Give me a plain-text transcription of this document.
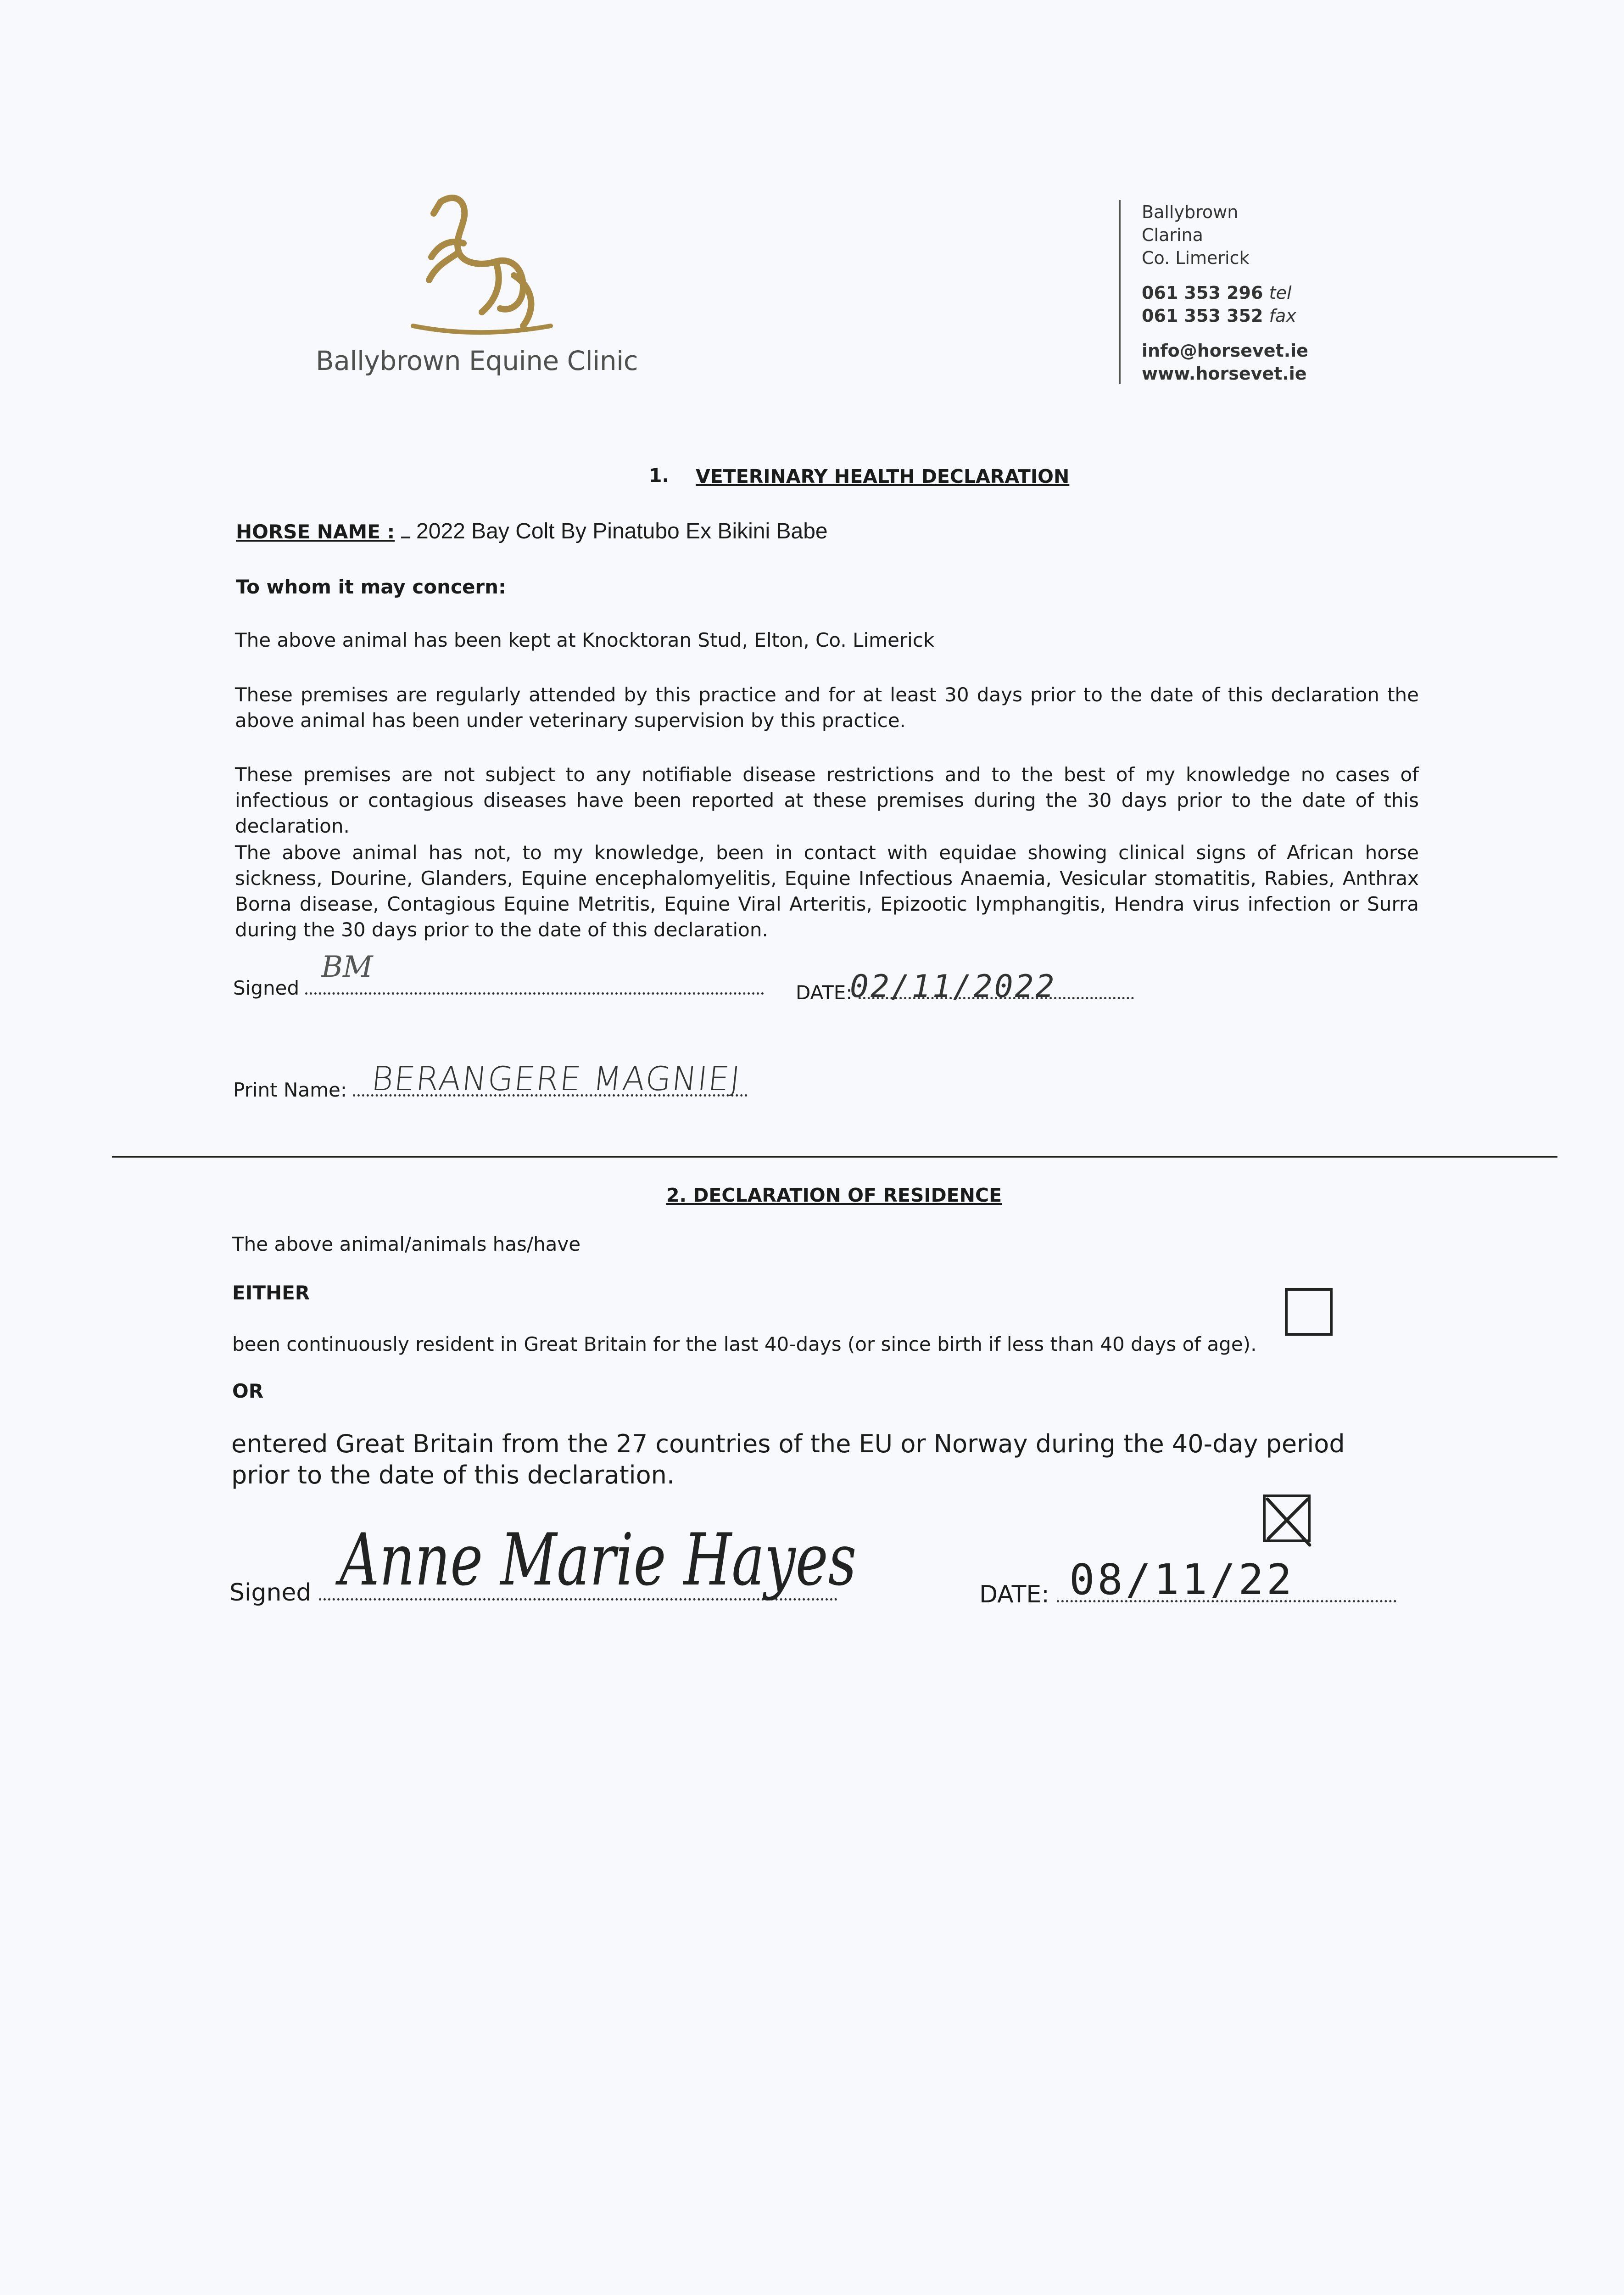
Ballybrown Equine Clinic
Ballybrown
Clarina
Co. Limerick
061 353 296 tel
061 353 352 fax
info@horsevet.ie
www.horsevet.ie
1. VETERINARY HEALTH DECLARATION
HORSE NAME : 2022 Bay Colt By Pinatubo Ex Bikini Babe
To whom it may concern:
The above animal has been kept at Knocktoran Stud, Elton, Co. Limerick
These premises are regularly attended by this practice and for at least 30 days prior to the date of this declaration the above animal has been under veterinary supervision by this practice.
These premises are not subject to any notifiable disease restrictions and to the best of my knowledge no cases of infectious or contagious diseases have been reported at these premises during the 30 days prior to the date of this declaration.
The above animal has not, to my knowledge, been in contact with equidae showing clinical signs of African horse sickness, Dourine, Glanders, Equine encephalomyelitis, Equine Infectious Anaemia, Vesicular stomatitis, Rabies, Anthrax Borna disease, Contagious Equine Metritis, Equine Viral Arteritis, Epizootic lymphangitis, Hendra virus infection or Surra during the 30 days prior to the date of this declaration.
Signed
BM
DATE:
02/11/2022
Print Name: BERANGERE MAGNIEJ
2. DECLARATION OF RESIDENCE
The above animal/animals has/have
EITHER
been continuously resident in Great Britain for the last 40-days (or since birth if less than 40 days of age).
OR
entered Great Britain from the 27 countries of the EU or Norway during the 40-day period prior to the date of this declaration.
Signed Anne Marie Hayes	DATE: 08/11/22
